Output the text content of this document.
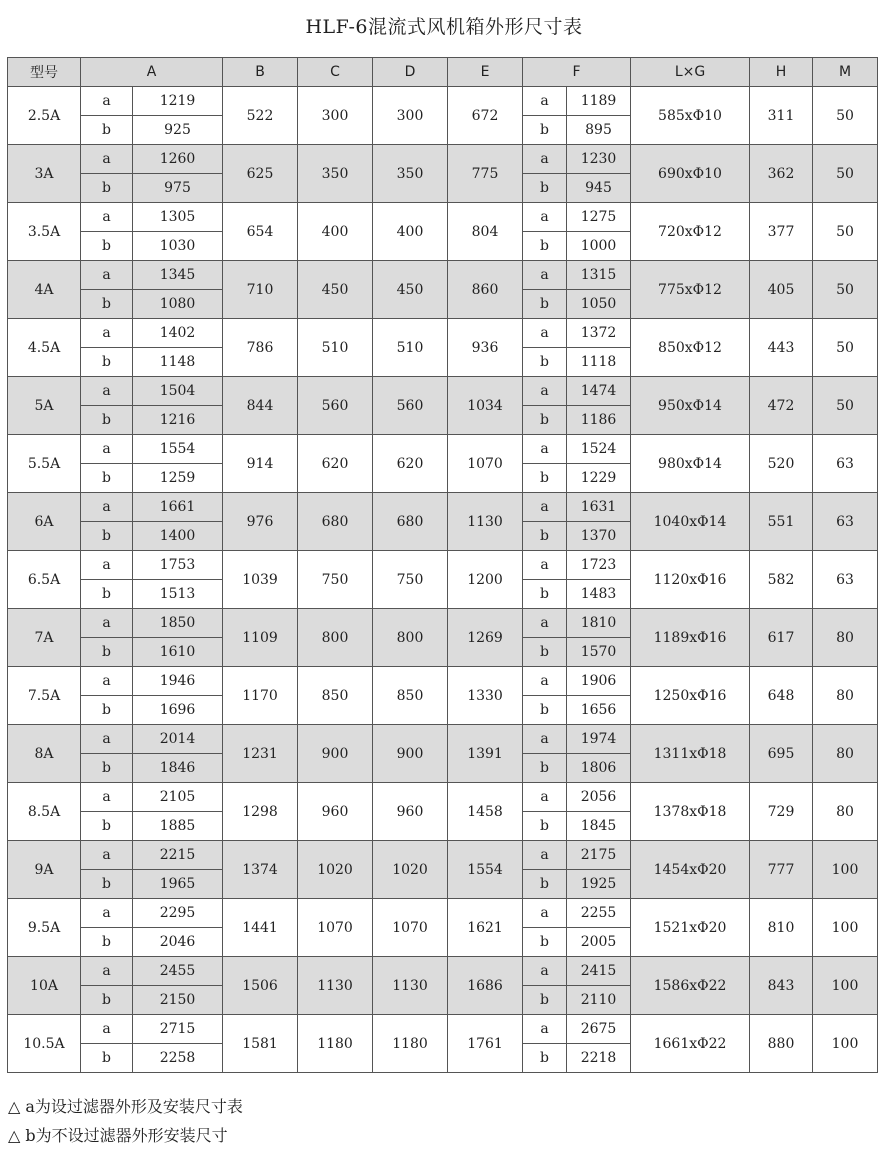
HLF-6混流式风机箱外形尺寸表
型号	A		B	C	D	E	F		L×G	H	M
2.5A	a	1219	522	300	300	672	a	1189	585xΦ10	311	50
	b	925					b	895			
3A	a	1260	625	350	350	775	a	1230	690xΦ10	362	50
	b	975					b	945			
3.5A	a	1305	654	400	400	804	a	1275	720xΦ12	377	50
	b	1030					b	1000			
4A	a	1345	710	450	450	860	a	1315	775xΦ12	405	50
	b	1080					b	1050			
4.5A	a	1402	786	510	510	936	a	1372	850xΦ12	443	50
	b	1148					b	1118			
5A	a	1504	844	560	560	1034	a	1474	950xΦ14	472	50
	b	1216					b	1186			
5.5A	a	1554	914	620	620	1070	a	1524	980xΦ14	520	63
	b	1259					b	1229			
6A	a	1661	976	680	680	1130	a	1631	1040xΦ14	551	63
	b	1400					b	1370			
6.5A	a	1753	1039	750	750	1200	a	1723	1120xΦ16	582	63
	b	1513					b	1483			
7A	a	1850	1109	800	800	1269	a	1810	1189xΦ16	617	80
	b	1610					b	1570			
7.5A	a	1946	1170	850	850	1330	a	1906	1250xΦ16	648	80
	b	1696					b	1656			
8A	a	2014	1231	900	900	1391	a	1974	1311xΦ18	695	80
	b	1846					b	1806			
8.5A	a	2105	1298	960	960	1458	a	2056	1378xΦ18	729	80
	b	1885					b	1845			
9A	a	2215	1374	1020	1020	1554	a	2175	1454xΦ20	777	100
	b	1965					b	1925			
9.5A	a	2295	1441	1070	1070	1621	a	2255	1521xΦ20	810	100
	b	2046					b	2005			
10A	a	2455	1506	1130	1130	1686	a	2415	1586xΦ22	843	100
	b	2150					b	2110			
10.5A	a	2715	1581	1180	1180	1761	a	2675	1661xΦ22	880	100
	b	2258					b	2218			
△ a为设过滤器外形及安装尺寸表
△ b为不设过滤器外形安装尺寸
